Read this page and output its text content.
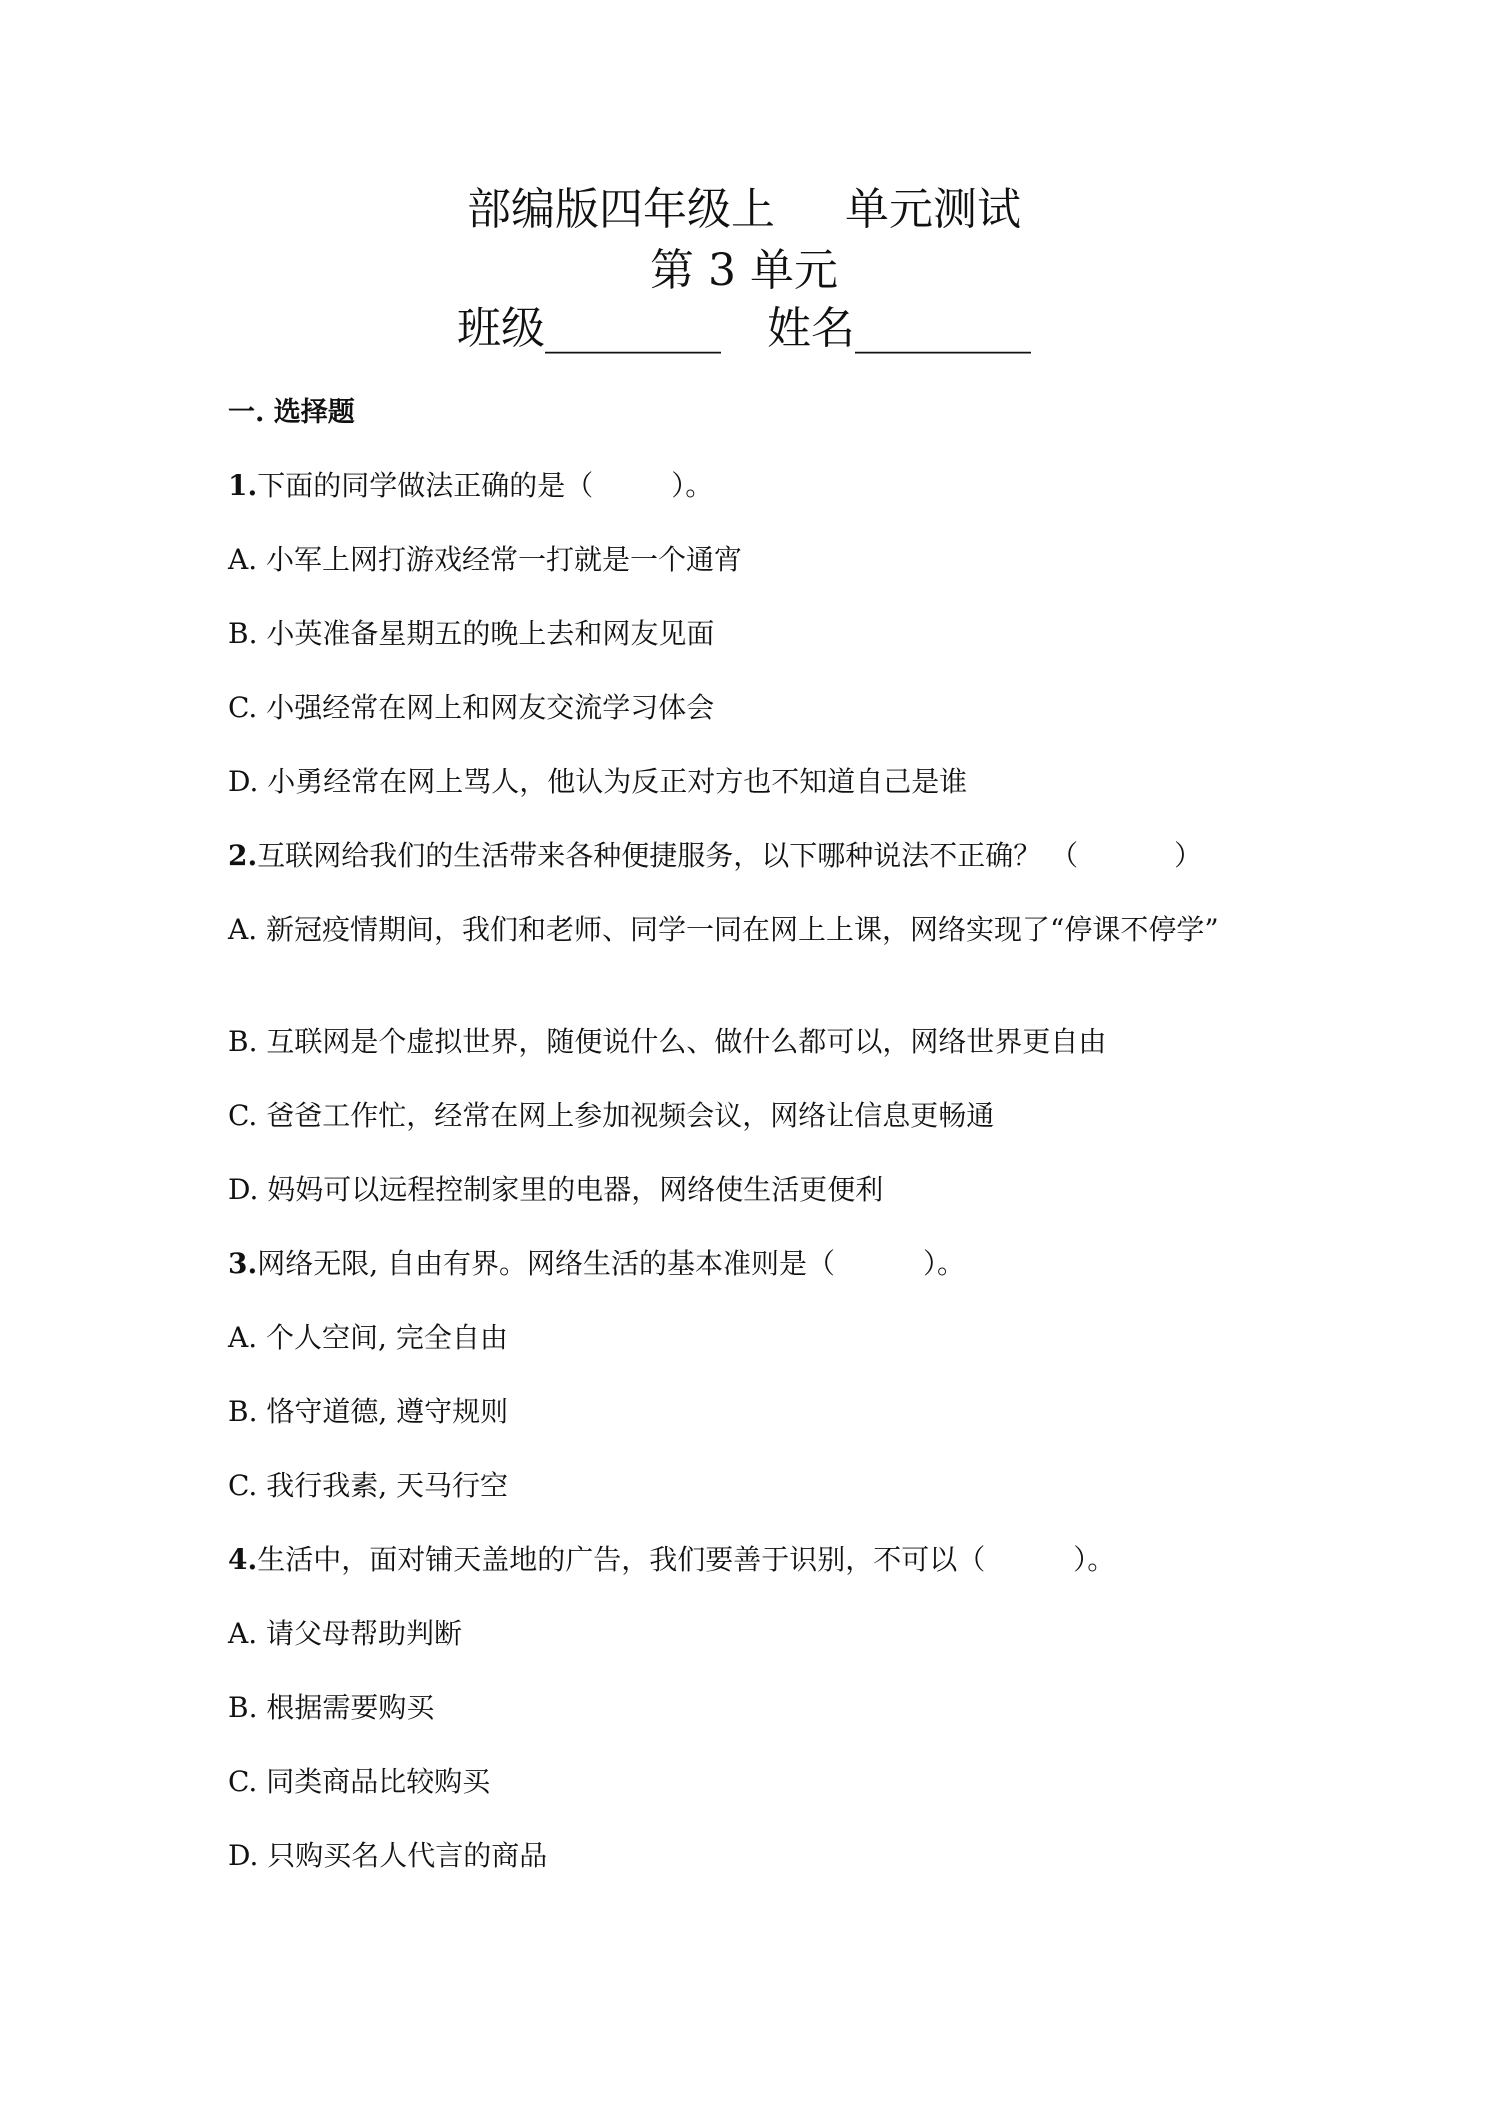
部编版四年级上 单元测试
第 3 单元
班级________ 姓名________
一. 选择题
1.下面的同学做法正确的是（	）。
A. 小军上网打游戏经常一打就是一个通宵
B. 小英准备星期五的晚上去和网友见面
C. 小强经常在网上和网友交流学习体会
D. 小勇经常在网上骂人，他认为反正对方也不知道自己是谁
2.互联网给我们的生活带来各种便捷服务，以下哪种说法不正确？ （	）
A. 新冠疫情期间，我们和老师、同学一同在网上上课，网络实现了“停课不停学”
B. 互联网是个虚拟世界，随便说什么、做什么都可以，网络世界更自由
C. 爸爸工作忙，经常在网上参加视频会议，网络让信息更畅通
D. 妈妈可以远程控制家里的电器，网络使生活更便利
3.网络无限, 自由有界。网络生活的基本准则是（	）。
A. 个人空间, 完全自由
B. 恪守道德, 遵守规则
C. 我行我素, 天马行空
4.生活中，面对铺天盖地的广告，我们要善于识别，不可以（	）。
A. 请父母帮助判断
B. 根据需要购买
C. 同类商品比较购买
D. 只购买名人代言的商品
